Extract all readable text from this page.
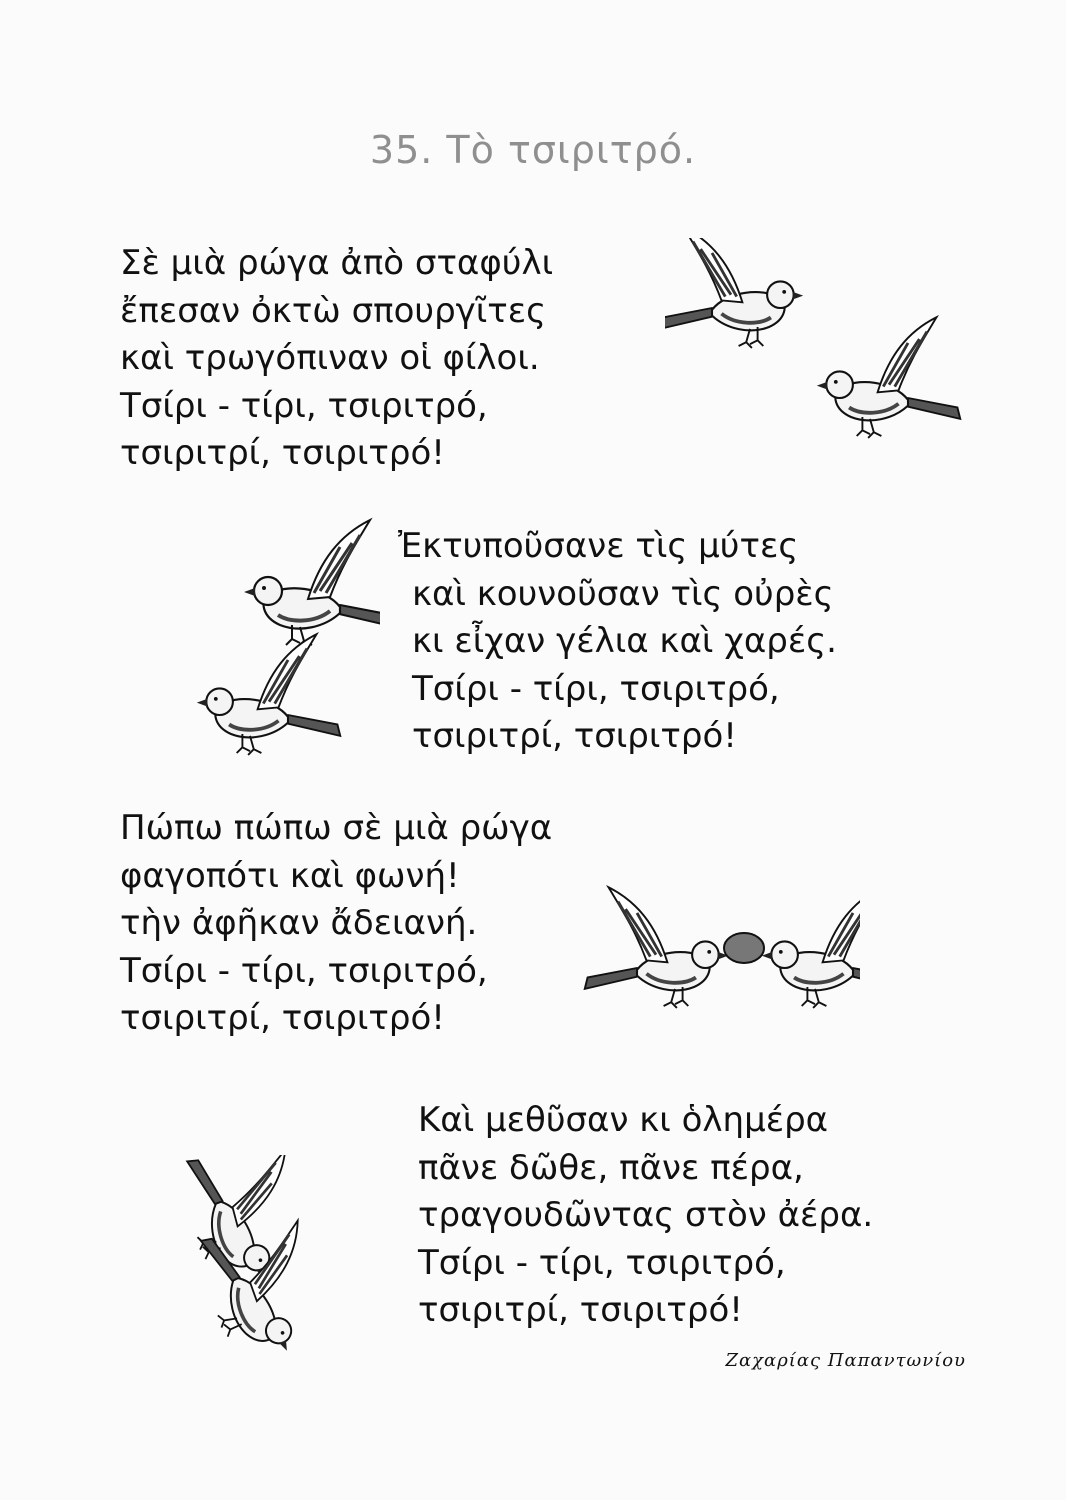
35. Τὸ τσιριτρό.
Σὲ μιὰ ρώγα ἀπὸ σταφύλι
ἔπεσαν ὀκτὼ σπουργῖτες
καὶ τρωγόπιναν οἱ φίλοι.
Τσίρι - τίρι, τσιριτρό,
τσιριτρί, τσιριτρό!
Ἐκτυποῦσανε τὶς μύτες
καὶ κουνοῦσαν τὶς οὐρὲς
κι εἶχαν γέλια καὶ χαρές.
Τσίρι - τίρι, τσιριτρό,
τσιριτρί, τσιριτρό!
Πώπω πώπω σὲ μιὰ ρώγα
φαγοπότι καὶ φωνή!
τὴν ἀφῆκαν ἄδειανή.
Τσίρι - τίρι, τσιριτρό,
τσιριτρί, τσιριτρό!
Καὶ μεθῦσαν κι ὁλημέρα
πᾶνε δῶθε, πᾶνε πέρα,
τραγουδῶντας στὸν ἀέρα.
Τσίρι - τίρι, τσιριτρό,
τσιριτρί, τσιριτρό!
Ζαχαρίας Παπαντωνίου
